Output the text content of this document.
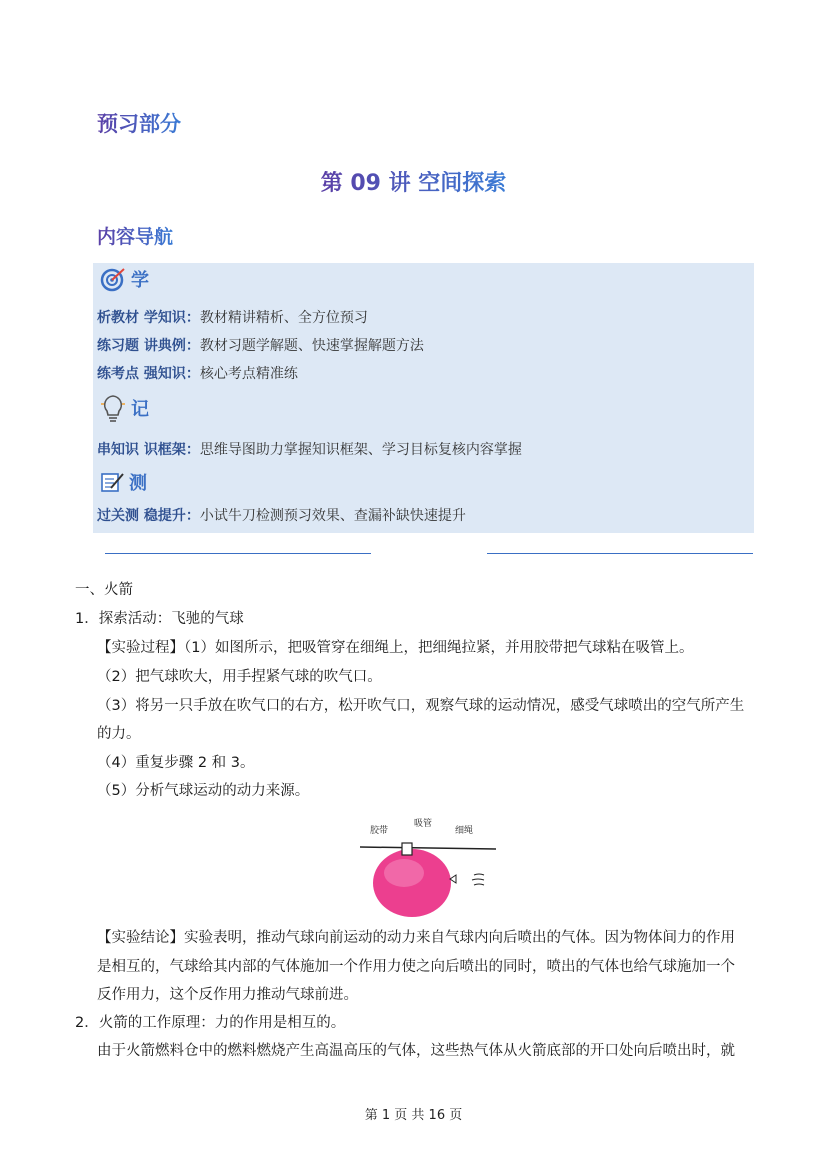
预习部分
第 09 讲 空间探索
内容导航
学
析教材 学知识：教材精讲精析、全方位预习
练习题 讲典例：教材习题学解题、快速掌握解题方法
练考点 强知识：核心考点精准练
记
串知识 识框架：思维导图助力掌握知识框架、学习目标复核内容掌握
测
过关测 稳提升：小试牛刀检测预习效果、查漏补缺快速提升
一、火箭
1．探索活动：飞驰的气球
【实验过程】（1）如图所示，把吸管穿在细绳上，把细绳拉紧，并用胶带把气球粘在吸管上。
（2）把气球吹大，用手捏紧气球的吹气口。
（3）将另一只手放在吹气口的右方，松开吹气口，观察气球的运动情况，感受气球喷出的空气所产生
的力。
（4）重复步骤 2 和 3。
（5）分析气球运动的动力来源。
胶带
吸管
细绳
【实验结论】实验表明，推动气球向前运动的动力来自气球内向后喷出的气体。因为物体间力的作用
是相互的，气球给其内部的气体施加一个作用力使之向后喷出的同时，喷出的气体也给气球施加一个
反作用力，这个反作用力推动气球前进。
2．火箭的工作原理：力的作用是相互的。
由于火箭燃料仓中的燃料燃烧产生高温高压的气体，这些热气体从火箭底部的开口处向后喷出时，就
第 1 页 共 16 页
